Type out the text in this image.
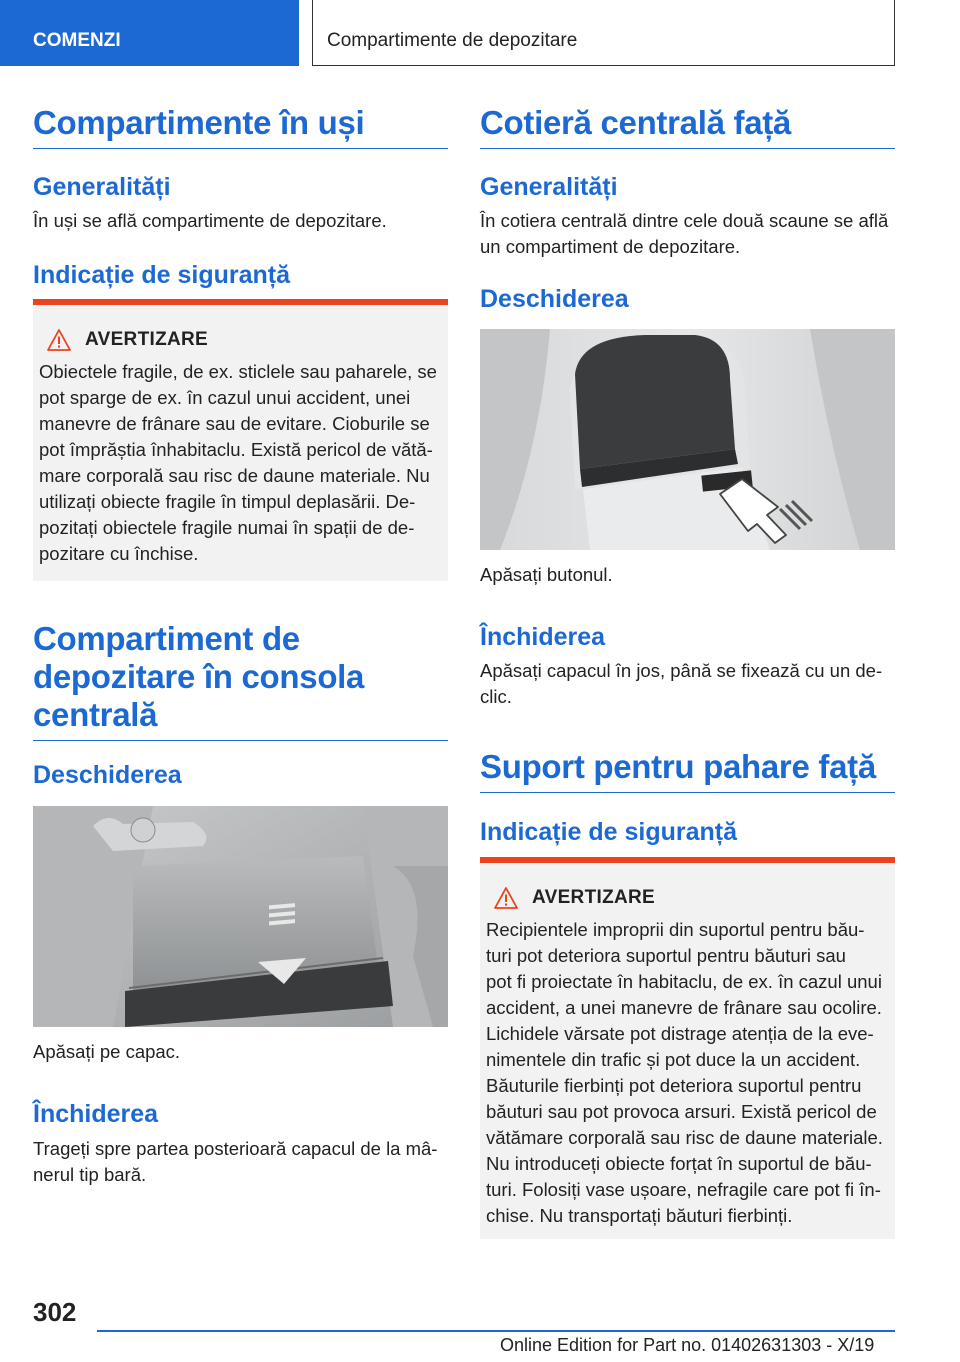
COMENZI	Compartimente de depozitare
Compartimente în uși
Generalități
În uși se află compartimente de depozitare.
Indicație de siguranță
AVERTIZARE
Obiectele fragile, de ex. sticlele sau paharele, se
pot sparge de ex. în cazul unui accident, unei
manevre de frânare sau de evitare. Cioburile se
pot împrăștia înhabitaclu. Există pericol de vătă-
mare corporală sau risc de daune materiale. Nu
utilizați obiecte fragile în timpul deplasării. De-
pozitați obiectele fragile numai în spații de de-
pozitare cu închise.
Compartiment de
depozitare în consola
centrală
Deschiderea
Apăsați pe capac.
Închiderea
Trageți spre partea posterioară capacul de la mâ-
nerul tip bară.
Cotieră centrală față
Generalități
În cotiera centrală dintre cele două scaune se află
un compartiment de depozitare.
Deschiderea
Apăsați butonul.
Închiderea
Apăsați capacul în jos, până se fixează cu un de-
clic.
Suport pentru pahare față
Indicație de siguranță
AVERTIZARE
Recipientele improprii din suportul pentru bău-
turi pot deteriora suportul pentru băuturi sau
pot fi proiectate în habitaclu, de ex. în cazul unui
accident, a unei manevre de frânare sau ocolire.
Lichidele vărsate pot distrage atenția de la eve-
nimentele din trafic și pot duce la un accident.
Băuturile fierbinți pot deteriora suportul pentru
băuturi sau pot provoca arsuri. Există pericol de
vătămare corporală sau risc de daune materiale.
Nu introduceți obiecte forțat în suportul de bău-
turi. Folosiți vase ușoare, nefragile care pot fi în-
chise. Nu transportați băuturi fierbinți.
302
Online Edition for Part no. 01402631303 - X/19
